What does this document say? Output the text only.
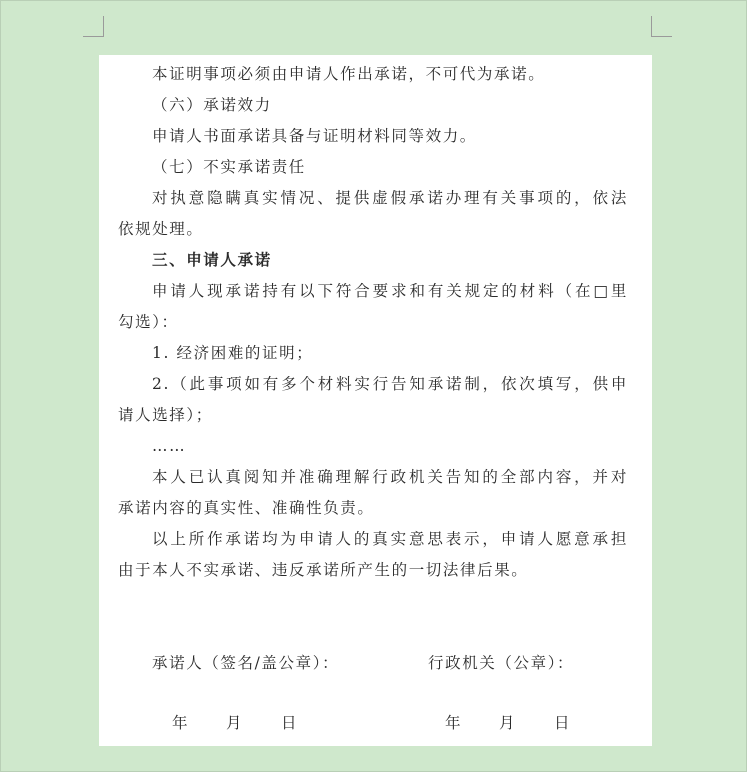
本证明事项必须由申请人作出承诺，不可代为承诺。
（六）承诺效力
申请人书面承诺具备与证明材料同等效力。
（七）不实承诺责任
对执意隐瞒真实情况、提供虚假承诺办理有关事项的，依法
依规处理。
三、申请人承诺
申请人现承诺持有以下符合要求和有关规定的材料（在□里
勾选）：
1. 经济困难的证明；
2.（此事项如有多个材料实行告知承诺制，依次填写，供申
请人选择）；
……
本人已认真阅知并准确理解行政机关告知的全部内容，并对
承诺内容的真实性、准确性负责。
以上所作承诺均为申请人的真实意思表示，申请人愿意承担
由于本人不实承诺、违反承诺所产生的一切法律后果。
承诺人（签名/盖公章）：	行政机关（公章）：
年 月 日	年 月 日
